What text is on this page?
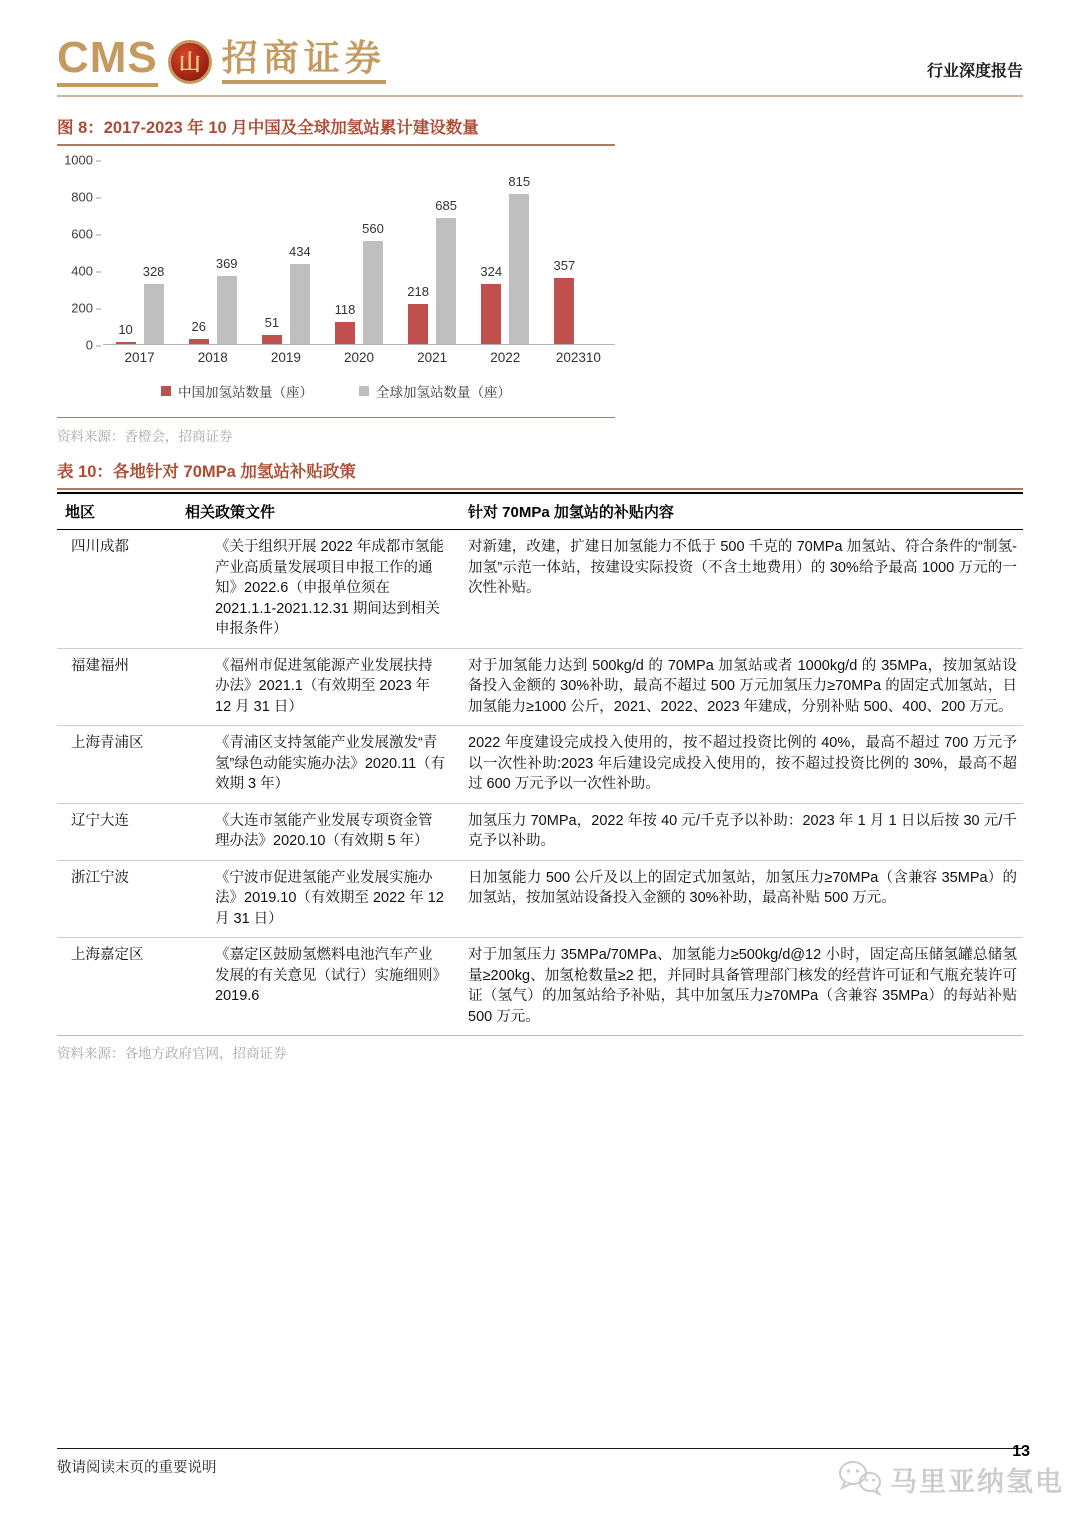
CMS 山 招商证券	行业深度报告
图 8：2017-2023 年 10 月中国及全球加氢站累计建设数量
0
200
400
600
800
1000
10
328
2017
26
369
2018
51
434
2019
118
560
2020
218
685
2021
324
815
2022
357
202310
中国加氢站数量（座）	全球加氢站数量（座）
资料来源：香橙会，招商证券
表 10：各地针对 70MPa 加氢站补贴政策
地区	相关政策文件	针对 70MPa 加氢站的补贴内容
四川成都	《关于组织开展 2022 年成都市氢能产业高质量发展项目申报工作的通知》2022.6（申报单位须在 2021.1.1-2021.12.31 期间达到相关申报条件）	对新建，改建，扩建日加氢能力不低于 500 千克的 70MPa 加氢站、符合条件的“制氢-加氢”示范一体站，按建设实际投资（不含土地费用）的 30%给予最高 1000 万元的一次性补贴。
福建福州	《福州市促进氢能源产业发展扶持办法》2021.1（有效期至 2023 年 12 月 31 日）	对于加氢能力达到 500kg/d 的 70MPa 加氢站或者 1000kg/d 的 35MPa，按加氢站设备投入金额的 30%补助，最高不超过 500 万元加氢压力≥70MPa 的固定式加氢站，日加氢能力≥1000 公斤，2021、2022、2023 年建成，分别补贴 500、400、200 万元。
上海青浦区	《青浦区支持氢能产业发展激发“青氢”绿色动能实施办法》2020.11（有效期 3 年）	2022 年度建设完成投入使用的，按不超过投资比例的 40%，最高不超过 700 万元予以一次性补助:2023 年后建设完成投入使用的，按不超过投资比例的 30%，最高不超过 600 万元予以一次性补助。
辽宁大连	《大连市氢能产业发展专项资金管理办法》2020.10（有效期 5 年）	加氢压力 70MPa，2022 年按 40 元/千克予以补助：2023 年 1 月 1 日以后按 30 元/千克予以补助。
浙江宁波	《宁波市促进氢能产业发展实施办法》2019.10（有效期至 2022 年 12 月 31 日）	日加氢能力 500 公斤及以上的固定式加氢站，加氢压力≥70MPa（含兼容 35MPa）的加氢站，按加氢站设备投入金额的 30%补助，最高补贴 500 万元。
上海嘉定区	《嘉定区鼓励氢燃料电池汽车产业发展的有关意见（试行）实施细则》2019.6	对于加氢压力 35MPa/70MPa、加氢能力≥500kg/d@12 小时，固定高压储氢罐总储氢量≥200kg、加氢枪数量≥2 把，并同时具备管理部门核发的经营许可证和气瓶充装许可证（氢气）的加氢站给予补贴，其中加氢压力≥70MPa（含兼容 35MPa）的每站补贴 500 万元。
资料来源：各地方政府官网，招商证券
敬请阅读末页的重要说明
13
马里亚纳氢电
